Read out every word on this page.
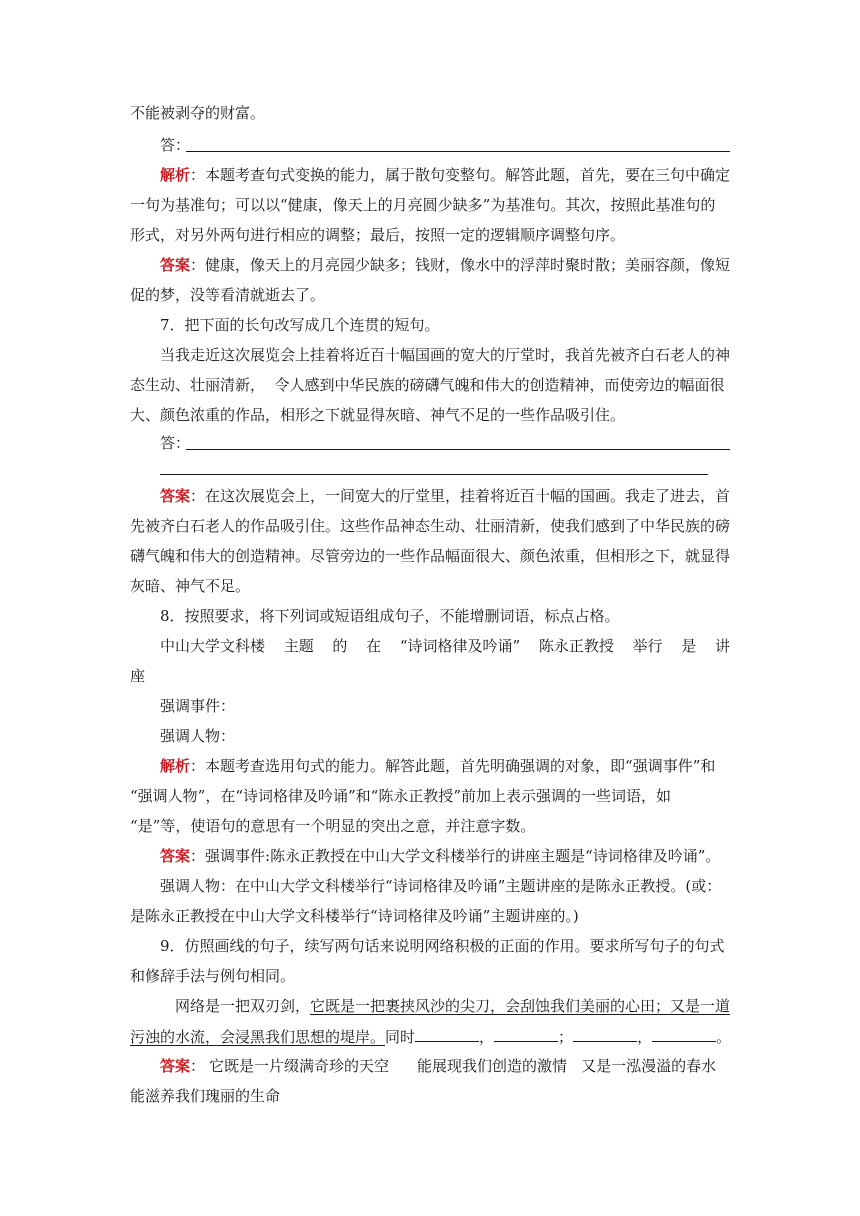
不能被剥夺的财富。
答：
解析：本题考查句式变换的能力，属于散句变整句。解答此题，首先，要在三句中确定
一句为基准句；可以以“健康，像天上的月亮圆少缺多”为基准句。其次，按照此基准句的
形式，对另外两句进行相应的调整；最后，按照一定的逻辑顺序调整句序。
答案：健康，像天上的月亮园少缺多；钱财，像水中的浮萍时聚时散；美丽容颜，像短
促的梦，没等看清就逝去了。
7．把下面的长句改写成几个连贯的短句。
当我走近这次展览会上挂着将近百十幅国画的宽大的厅堂时，我首先被齐白石老人的神
态生动、壮丽清新，  令人感到中华民族的磅礴气魄和伟大的创造精神，而使旁边的幅面很
大、颜色浓重的作品，相形之下就显得灰暗、神气不足的一些作品吸引住。
答：
答案：在这次展览会上，一间宽大的厅堂里，挂着将近百十幅的国画。我走了进去，首
先被齐白石老人的作品吸引住。这些作品神态生动、壮丽清新，使我们感到了中华民族的磅
礴气魄和伟大的创造精神。尽管旁边的一些作品幅面很大、颜色浓重，但相形之下，就显得
灰暗、神气不足。
8．按照要求，将下列词或短语组成句子，不能增删词语，标点占格。
中山大学文科楼 主题 的 在 “诗词格律及吟诵” 陈永正教授 举行 是 讲
座
强调事件：
强调人物：
解析：本题考查选用句式的能力。解答此题，首先明确强调的对象，即“强调事件”和
“强调人物”，在“诗词格律及吟诵”和“陈永正教授”前加上表示强调的一些词语，如
“是”等，使语句的意思有一个明显的突出之意，并注意字数。
答案：强调事件:陈永正教授在中山大学文科楼举行的讲座主题是“诗词格律及吟诵”。
强调人物：在中山大学文科楼举行“诗词格律及吟诵”主题讲座的是陈永正教授。(或：
是陈永正教授在中山大学文科楼举行“诗词格律及吟诵”主题讲座的。)
9．仿照画线的句子，续写两句话来说明网络积极的正面的作用。要求所写句子的句式
和修辞手法与例句相同。
网络是一把双刃剑，它既是一把裹挟风沙的尖刀，会刮蚀我们美丽的心田；又是一道
污浊的水流，会浸黑我们思想的堤岸。同时	，	；	，	。
答案： 它既是一片缀满奇珍的天空 能展现我们创造的激情 又是一泓漫溢的春水
能滋养我们瑰丽的生命
